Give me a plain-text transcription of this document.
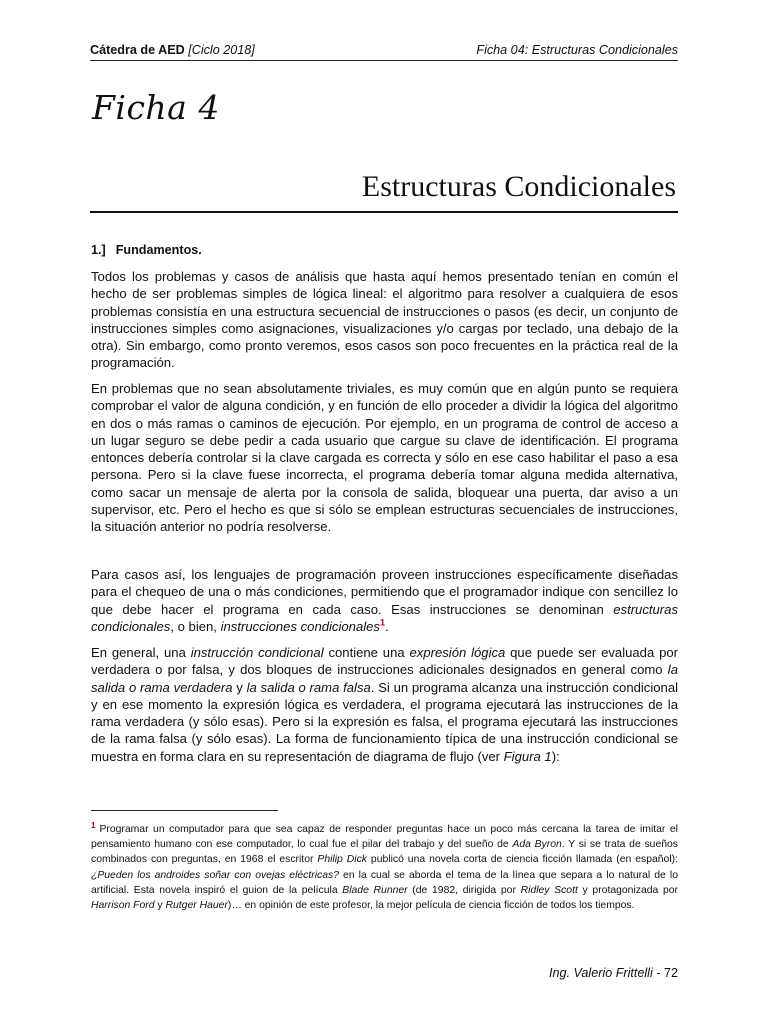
Cátedra de AED [Ciclo 2018]	Ficha 04: Estructuras Condicionales
Ficha 4
Estructuras Condicionales
1.] Fundamentos.

Todos los problemas y casos de análisis que hasta aquí hemos presentado tenían en común el hecho de ser problemas simples de lógica lineal: el algoritmo para resolver a cualquiera de esos problemas consistía en una estructura secuencial de instrucciones o pasos (es decir, un conjunto de instrucciones simples como asignaciones, visualizaciones y/o cargas por teclado, una debajo de la otra). Sin embargo, como pronto veremos, esos casos son poco frecuentes en la práctica real de la programación.

En problemas que no sean absolutamente triviales, es muy común que en algún punto se requiera comprobar el valor de alguna condición, y en función de ello proceder a dividir la lógica del algoritmo en dos o más ramas o caminos de ejecución. Por ejemplo, en un programa de control de acceso a un lugar seguro se debe pedir a cada usuario que cargue su clave de identificación. El programa entonces debería controlar si la clave cargada es correcta y sólo en ese caso habilitar el paso a esa persona. Pero si la clave fuese incorrecta, el programa debería tomar alguna medida alternativa, como sacar un mensaje de alerta por la consola de salida, bloquear una puerta, dar aviso a un supervisor, etc. Pero el hecho es que si sólo se emplean estructuras secuenciales de instrucciones, la situación anterior no podría resolverse.

Para casos así, los lenguajes de programación proveen instrucciones específicamente diseñadas para el chequeo de una o más condiciones, permitiendo que el programador indique con sencillez lo que debe hacer el programa en cada caso. Esas instrucciones se denominan estructuras condicionales, o bien, instrucciones condicionales$^1$.

En general, una instrucción condicional contiene una expresión lógica que puede ser evaluada por verdadera o por falsa, y dos bloques de instrucciones adicionales designados en general como la salida o rama verdadera y la salida o rama falsa. Si un programa alcanza una instrucción condicional y en ese momento la expresión lógica es verdadera, el programa ejecutará las instrucciones de la rama verdadera (y sólo esas). Pero si la expresión es falsa, el programa ejecutará las instrucciones de la rama falsa (y sólo esas). La forma de funcionamiento típica de una instrucción condicional se muestra en forma clara en su representación de diagrama de flujo (ver Figura 1):

$^1$ Programar un computador para que sea capaz de responder preguntas hace un poco más cercana la tarea de imitar el pensamiento humano con ese computador, lo cual fue el pilar del trabajo y del sueño de Ada Byron. Y si se trata de sueños combinados con preguntas, en 1968 el escritor Philip Dick publicó una novela corta de ciencia ficción llamada (en español): ¿Pueden los androides soñar con ovejas eléctricas? en la cual se aborda el tema de la línea que separa a lo natural de lo artificial. Esta novela inspiró el guion de la película Blade Runner (de 1982, dirigida por Ridley Scott y protagonizada por Harrison Ford y Rutger Hauer)… en opinión de este profesor, la mejor película de ciencia ficción de todos los tiempos.
Ing. Valerio Frittelli - 72
